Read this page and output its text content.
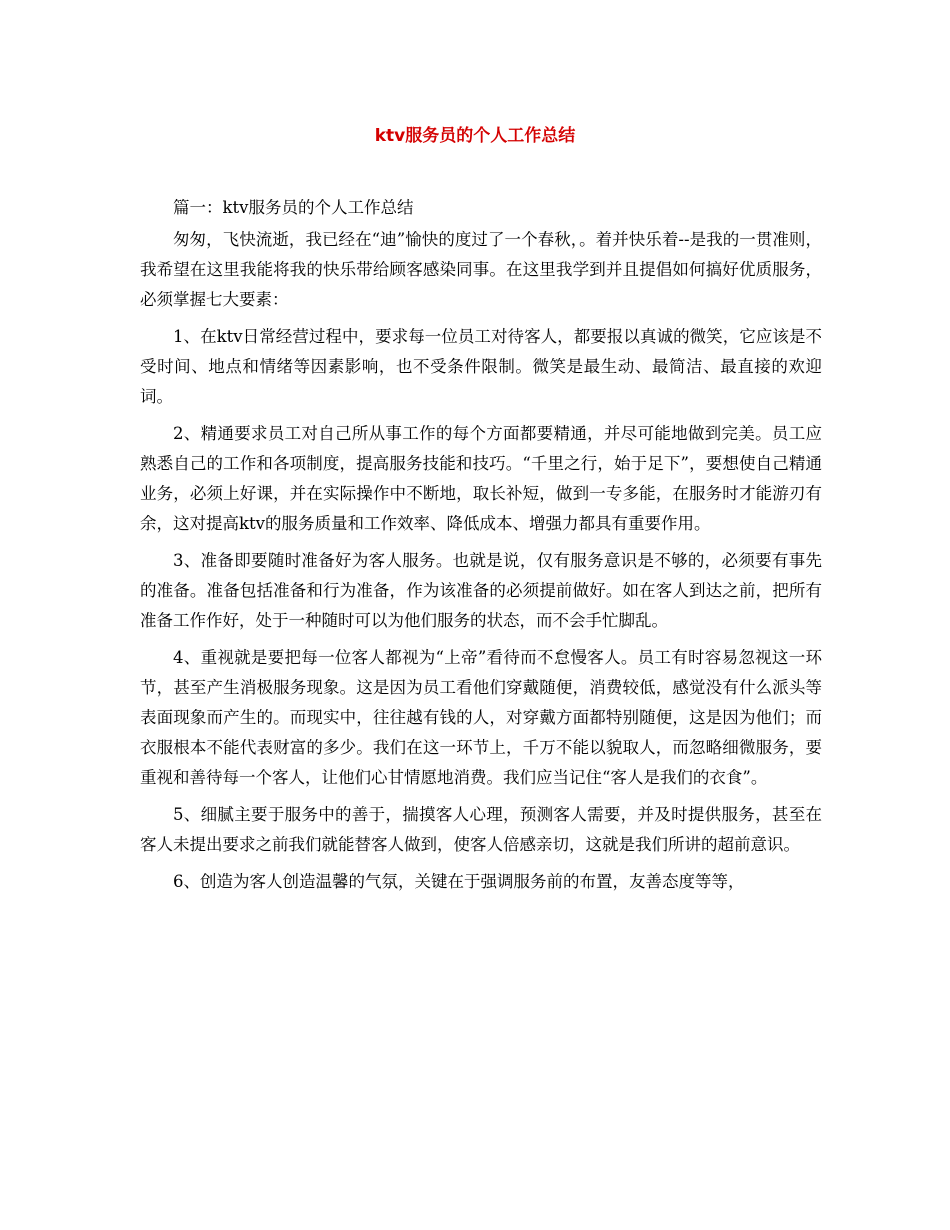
ktv服务员的个人工作总结

篇一：ktv服务员的个人工作总结

匆匆，飞快流逝，我已经在“迪”愉快的度过了一个春秋，。着并快乐着--是我的一贯准则，我希望在这里我能将我的快乐带给顾客感染同事。在这里我学到并且提倡如何搞好优质服务，必须掌握七大要素：

1、在ktv日常经营过程中，要求每一位员工对待客人，都要报以真诚的微笑，它应该是不受时间、地点和情绪等因素影响，也不受条件限制。微笑是最生动、最简洁、最直接的欢迎词。

2、精通要求员工对自己所从事工作的每个方面都要精通，并尽可能地做到完美。员工应熟悉自己的工作和各项制度，提高服务技能和技巧。“千里之行，始于足下”，要想使自己精通业务，必须上好课，并在实际操作中不断地，取长补短，做到一专多能，在服务时才能游刃有余，这对提高ktv的服务质量和工作效率、降低成本、增强力都具有重要作用。

3、准备即要随时准备好为客人服务。也就是说，仅有服务意识是不够的，必须要有事先的准备。准备包括准备和行为准备，作为该准备的必须提前做好。如在客人到达之前，把所有准备工作作好，处于一种随时可以为他们服务的状态，而不会手忙脚乱。

4、重视就是要把每一位客人都视为“上帝”看待而不怠慢客人。员工有时容易忽视这一环节，甚至产生消极服务现象。这是因为员工看他们穿戴随便，消费较低，感觉没有什么派头等表面现象而产生的。而现实中，往往越有钱的人，对穿戴方面都特别随便，这是因为他们；而衣服根本不能代表财富的多少。我们在这一环节上，千万不能以貌取人，而忽略细微服务，要重视和善待每一个客人，让他们心甘情愿地消费。我们应当记住“客人是我们的衣食”。

5、细腻主要于服务中的善于，揣摸客人心理，预测客人需要，并及时提供服务，甚至在客人未提出要求之前我们就能替客人做到，使客人倍感亲切，这就是我们所讲的超前意识。

6、创造为客人创造温馨的气氛，关键在于强调服务前的布置，友善态度等等，
